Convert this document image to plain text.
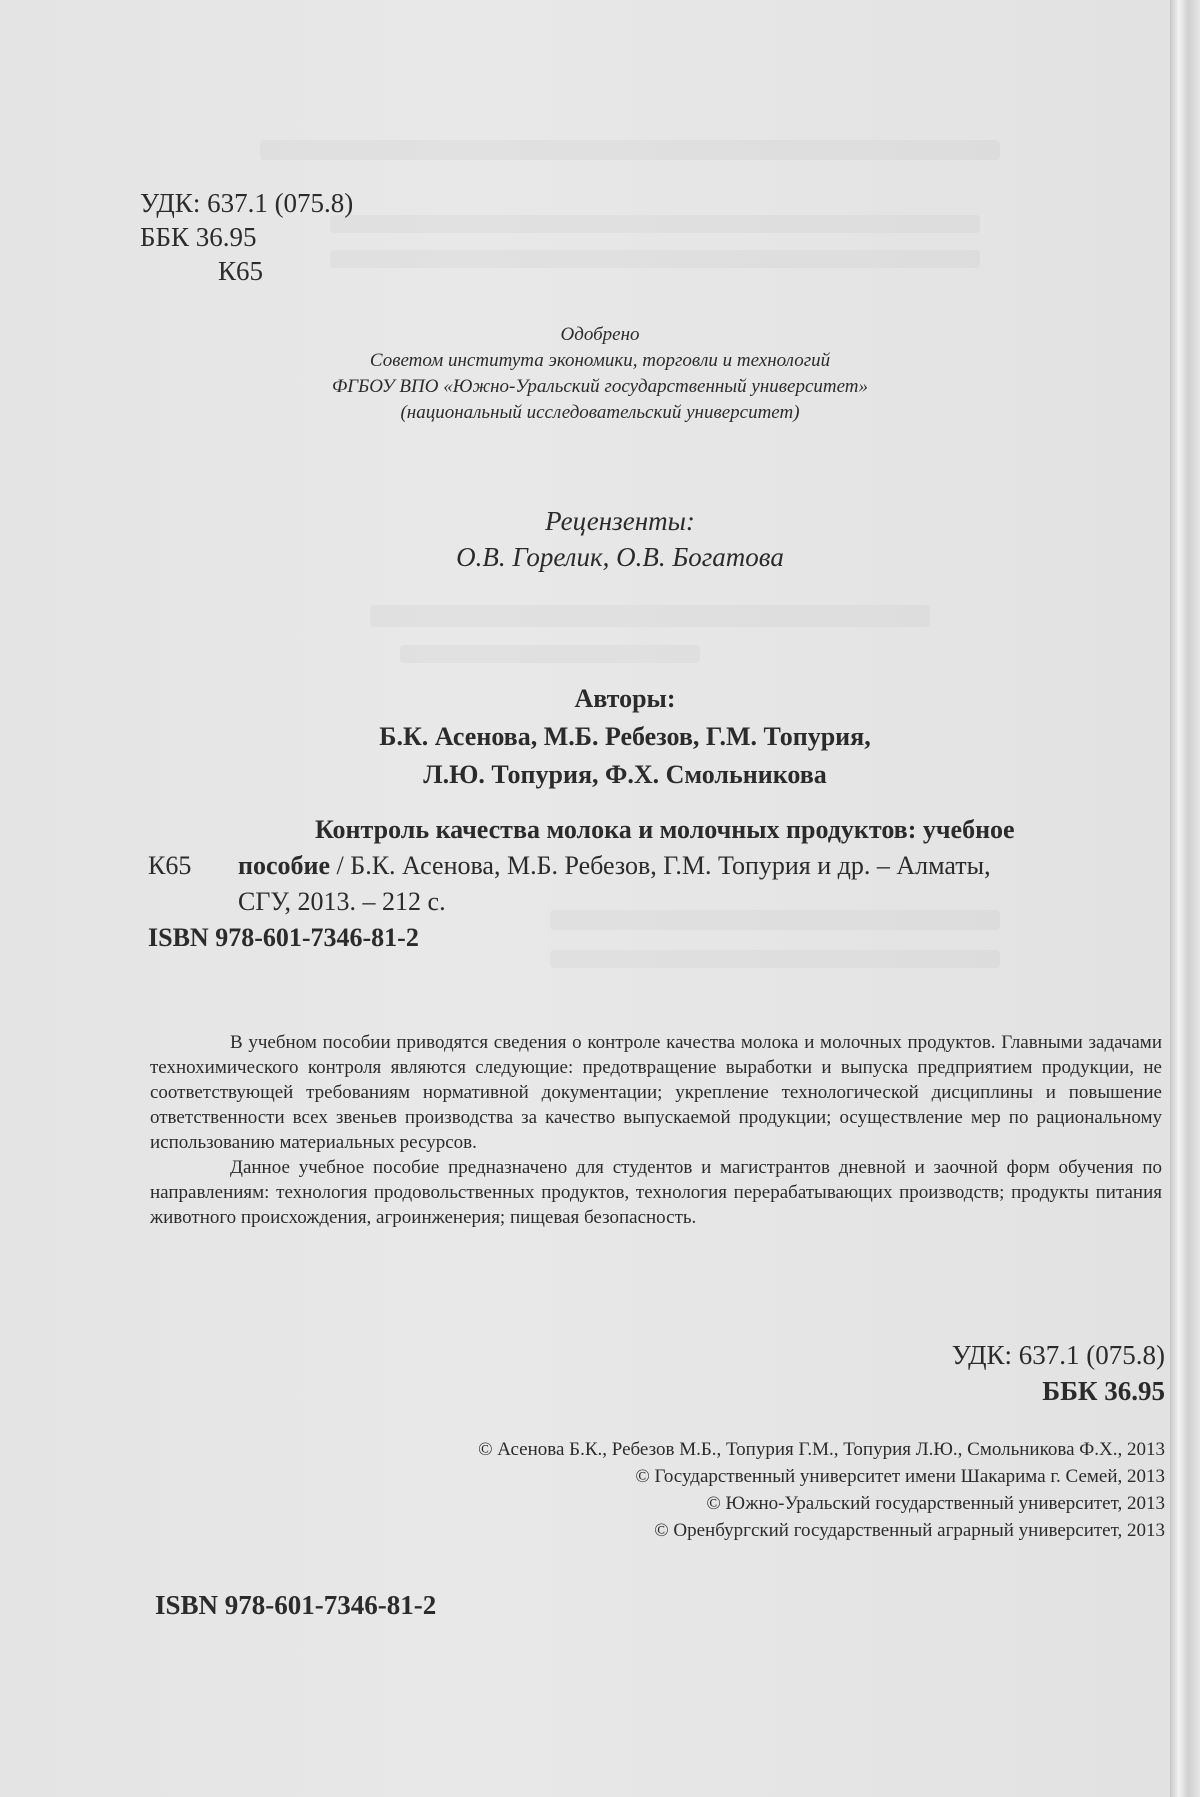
УДК: 637.1 (075.8)
ББК 36.95
К65
Одобрено
Советом института экономики, торговли и технологий
ФГБОУ ВПО «Южно-Уральский государственный университет»
(национальный исследовательский университет)
Рецензенты:
О.В. Горелик, О.В. Богатова
Авторы:
Б.К. Асенова, М.Б. Ребезов, Г.М. Топурия,
Л.Ю. Топурия, Ф.Х. Смольникова
Контроль качества молока и молочных продуктов: учебное
К65 пособие / Б.К. Асенова, М.Б. Ребезов, Г.М. Топурия и др. – Алматы,
СГУ, 2013. – 212 с.
ISBN 978-601-7346-81-2

В учебном пособии приводятся сведения о контроле качества молока и молочных продуктов. Главными задачами технохимического контроля являются следующие: предотвращение выработки и выпуска предприятием продукции, не соответствующей требованиям нормативной документации; укрепление технологической дисциплины и повышение ответственности всех звеньев производства за качество выпускаемой продукции; осуществление мер по рациональному использованию материальных ресурсов.

Данное учебное пособие предназначено для студентов и магистрантов дневной и заочной форм обучения по направлениям: технология продовольственных продуктов, технология перерабатывающих производств; продукты питания животного происхождения, агроинженерия; пищевая безопасность.

УДК: 637.1 (075.8)
ББК 36.95
© Асенова Б.К., Ребезов М.Б., Топурия Г.М., Топурия Л.Ю., Смольникова Ф.Х., 2013
© Государственный университет имени Шакарима г. Семей, 2013
© Южно-Уральский государственный университет, 2013
© Оренбургский государственный аграрный университет, 2013
ISBN 978-601-7346-81-2
